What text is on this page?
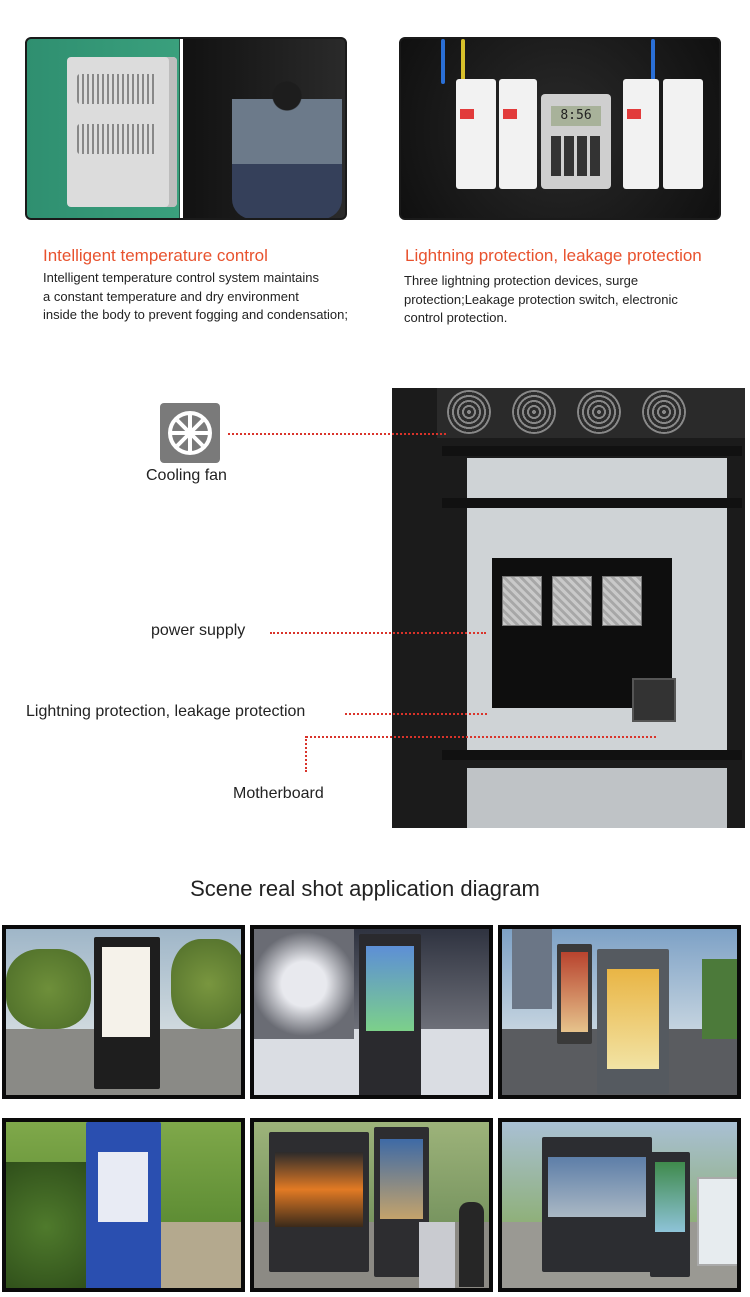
8:56
Intelligent temperature control
Intelligent temperature control system maintains
a constant temperature and dry environment
inside the body to prevent fogging and condensation;
Lightning protection, leakage protection
Three lightning protection devices, surge
protection;Leakage protection switch, electronic
control protection.
Cooling fan
power supply
Lightning protection, leakage protection
Motherboard
Scene real shot application diagram
